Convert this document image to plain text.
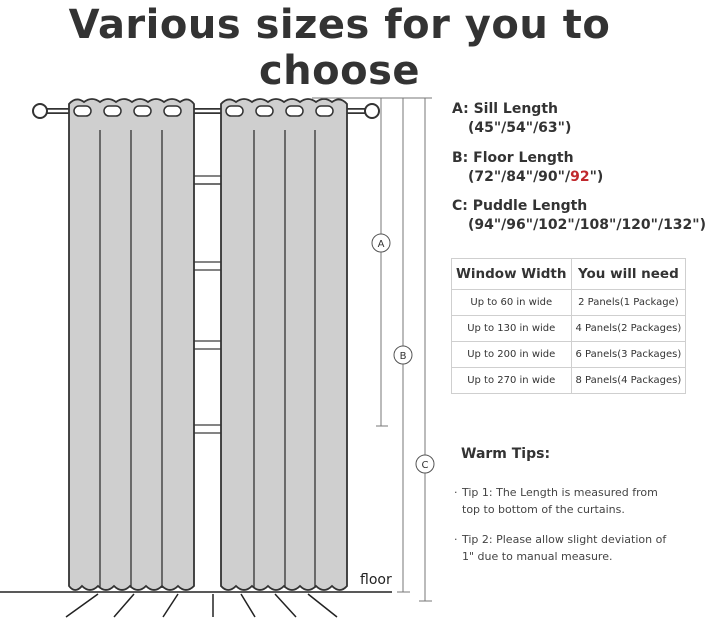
Various sizes for you to choose
A
B
C
floor
A: Sill Length
(45"/54"/63")
B: Floor Length
(72"/84"/90"/92")
C: Puddle Length
(94"/96"/102"/108"/120"/132")
Window Width	You will need
Up to 60 in wide	2 Panels(1 Package)
Up to 130 in wide	4 Panels(2 Packages)
Up to 200 in wide	6 Panels(3 Packages)
Up to 270 in wide	8 Panels(4 Packages)
Warm Tips:
· Tip 1: The Length is measured from top to bottom of the curtains.
· Tip 2: Please allow slight deviation of 1" due to manual measure.
